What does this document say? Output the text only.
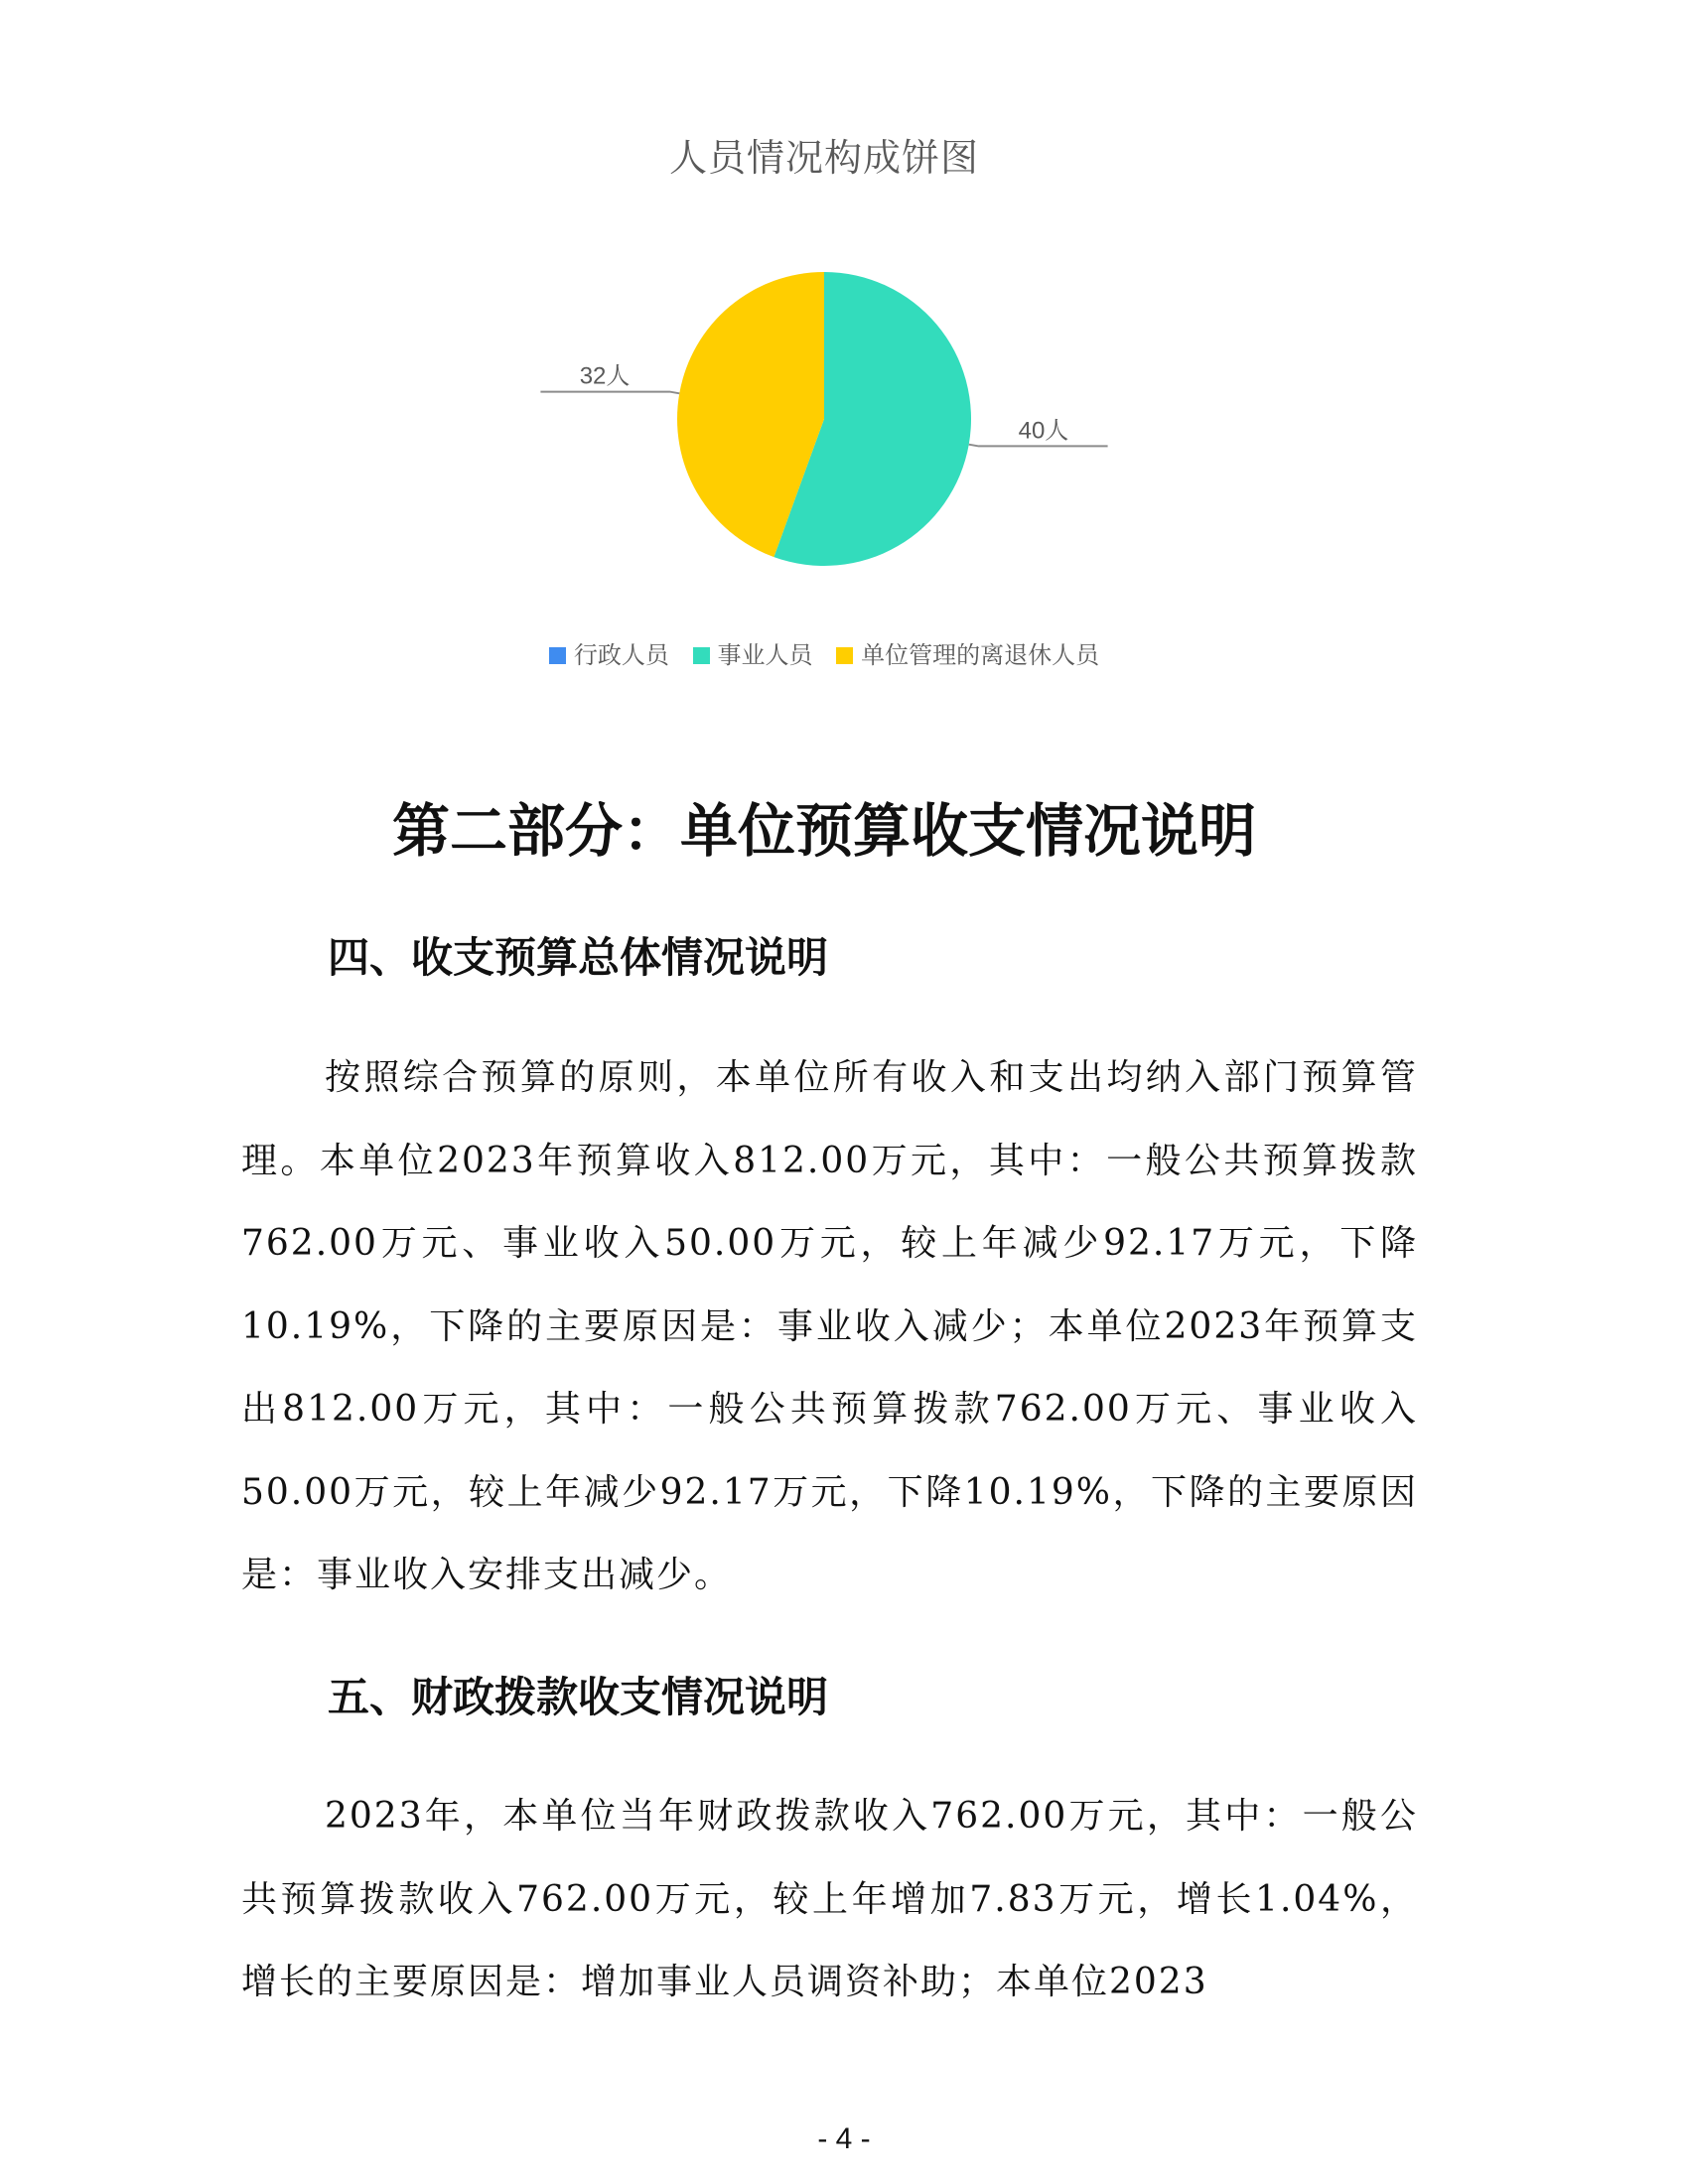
人员情况构成饼图
40人
32人
行政人员 事业人员 单位管理的离退休人员
第二部分：单位预算收支情况说明
四、收支预算总体情况说明
按照综合预算的原则，本单位所有收入和支出均纳入部门预算管理。本单位2023年预算收入812.00万元，其中：一般公共预算拨款762.00万元、事业收入50.00万元，较上年减少92.17万元，下降10.19%，下降的主要原因是：事业收入减少；本单位2023年预算支出812.00万元，其中：一般公共预算拨款762.00万元、事业收入50.00万元，较上年减少92.17万元，下降10.19%，下降的主要原因是：事业收入安排支出减少。
五、财政拨款收支情况说明
2023年，本单位当年财政拨款收入762.00万元，其中：一般公共预算拨款收入762.00万元，较上年增加7.83万元，增长1.04%，增长的主要原因是：增加事业人员调资补助；本单位2023
- 4 -
